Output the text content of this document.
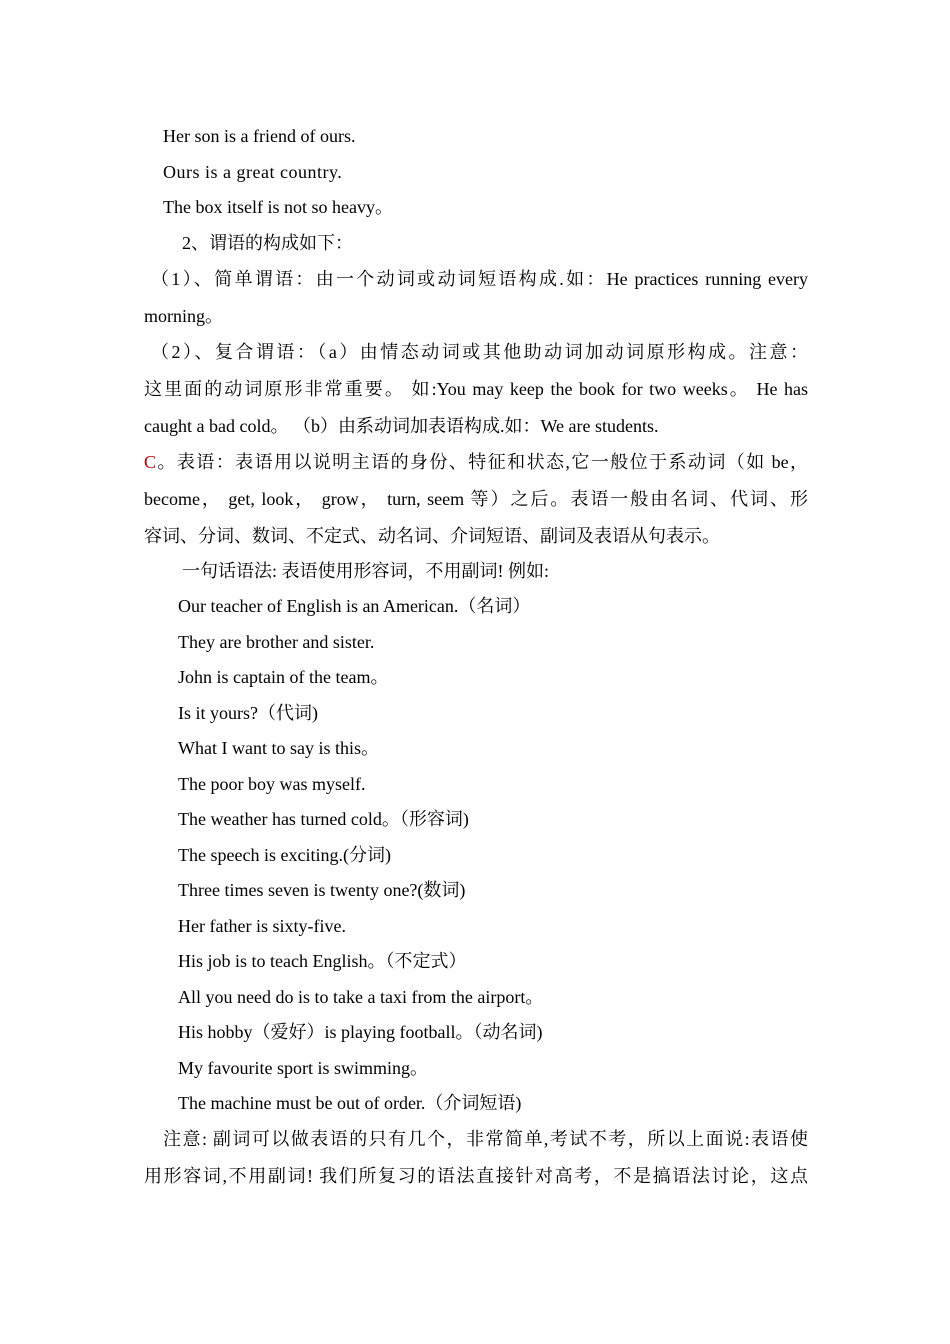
Her son is a friend of ours.
Ours is a great country.
The box itself is not so heavy。
2、谓语的构成如下：
（1）、简单谓语：由一个动词或动词短语构成.如：He practices running every
morning。
（2）、复合谓语：（a）由情态动词或其他助动词加动词原形构成。注意：
这里面的动词原形非常重要。 如:You may keep the book for two weeks。 He has
caught a bad cold。 （b）由系动词加表语构成.如：We are students.
C。表语：表语用以说明主语的身份、特征和状态,它一般位于系动词（如 be，
become， get, look， grow， turn, seem 等）之后。表语一般由名词、代词、形
容词、分词、数词、不定式、动名词、介词短语、副词及表语从句表示。
一句话语法: 表语使用形容词，不用副词! 例如:
Our teacher of English is an American.（名词）
They are brother and sister.
John is captain of the team。
Is it yours?（代词)
What I want to say is this。
The poor boy was myself.
The weather has turned cold。（形容词)
The speech is exciting.(分词)
Three times seven is twenty one?(数词)
Her father is sixty-five.
His job is to teach English。（不定式）
All you need do is to take a taxi from the airport。
His hobby（爱好）is playing football。（动名词)
My favourite sport is swimming。
The machine must be out of order.（介词短语)
注意: 副词可以做表语的只有几个，非常简单,考试不考，所以上面说:表语使
用形容词,不用副词! 我们所复习的语法直接针对高考，不是搞语法讨论，这点
